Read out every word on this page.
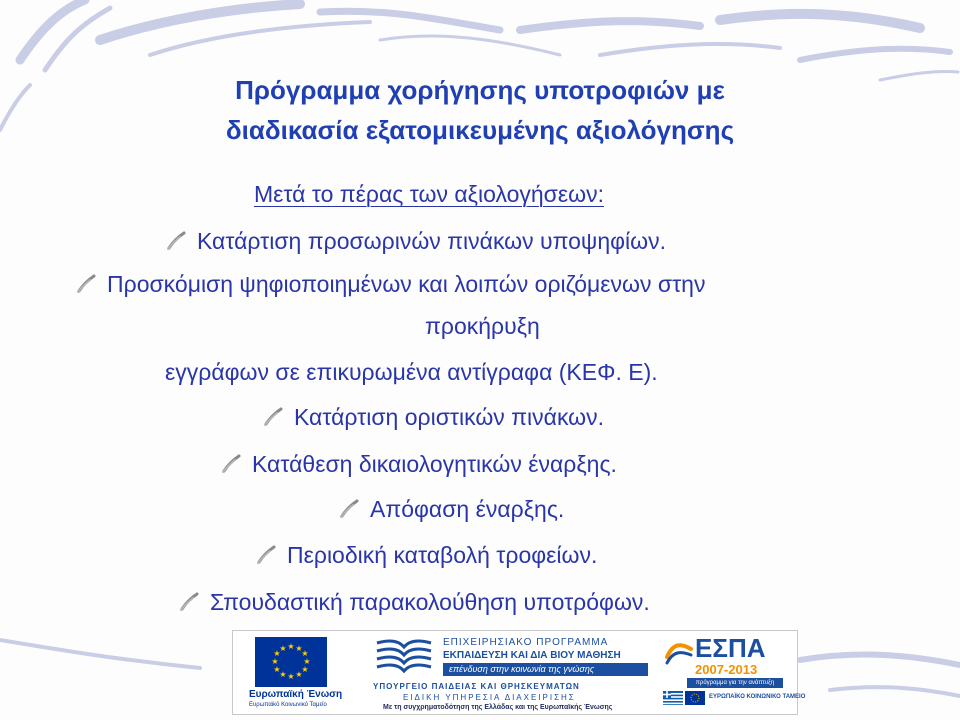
Πρόγραμμα χορήγησης υποτροφιών με
διαδικασία εξατομικευμένης αξιολόγησης
Μετά το πέρας των αξιολογήσεων:
Κατάρτιση προσωρινών πινάκων υποψηφίων.
Προσκόμιση ψηφιοποιημένων και λοιπών οριζόμενων στην
προκήρυξη
εγγράφων σε επικυρωμένα αντίγραφα (ΚΕΦ. Ε).
Κατάρτιση οριστικών πινάκων.
Κατάθεση δικαιολογητικών έναρξης.
Απόφαση έναρξης.
Περιοδική καταβολή τροφείων.
Σπουδαστική παρακολούθηση υποτρόφων.
★ ★
★
★
★
★
★
★
★
★
★
★
Ευρωπαϊκή Ένωση
Ευρωπαϊκό Κοινωνικό Ταμείο
ΕΠΙΧΕΙΡΗΣΙΑΚΟ ΠΡΟΓΡΑΜΜΑ
ΕΚΠΑΙΔΕΥΣΗ ΚΑΙ ΔΙΑ ΒΙΟΥ ΜΑΘΗΣΗ
επένδυση στην κοινωνία της γνώσης
ΥΠΟΥΡΓΕΙΟ ΠΑΙΔΕΙΑΣ ΚΑΙ ΘΡΗΣΚΕΥΜΑΤΩΝ
ΕΙΔΙΚΗ ΥΠΗΡΕΣΙΑ ΔΙΑΧΕΙΡΙΣΗΣ
Με τη συγχρηματοδότηση της Ελλάδας και της Ευρωπαϊκής Ένωσης
ΕΣΠΑ
2007-2013
πρόγραμμα για την ανάπτυξη
ΕΥΡΩΠΑΪΚΟ ΚΟΙΝΩΝΙΚΟ ΤΑΜΕΙΟ
